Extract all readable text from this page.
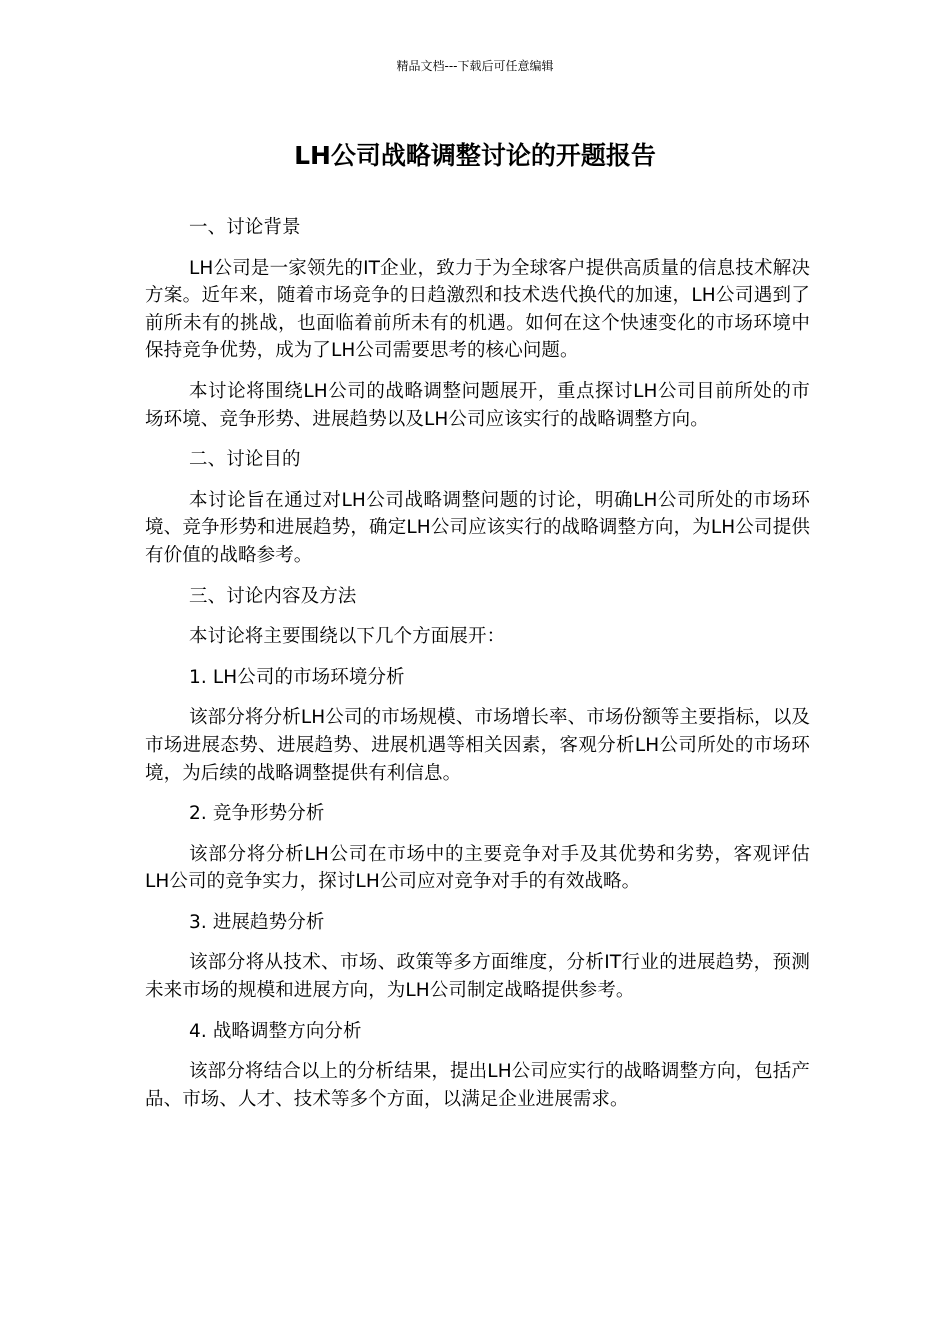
精品文档---下载后可任意编辑
LH公司战略调整讨论的开题报告

一、讨论背景

LH公司是一家领先的IT企业，致力于为全球客户提供高质量的信息技术解决方案。近年来，随着市场竞争的日趋激烈和技术迭代换代的加速，LH公司遇到了前所未有的挑战，也面临着前所未有的机遇。如何在这个快速变化的市场环境中保持竞争优势，成为了LH公司需要思考的核心问题。

本讨论将围绕LH公司的战略调整问题展开，重点探讨LH公司目前所处的市场环境、竞争形势、进展趋势以及LH公司应该实行的战略调整方向。

二、讨论目的

本讨论旨在通过对LH公司战略调整问题的讨论，明确LH公司所处的市场环境、竞争形势和进展趋势，确定LH公司应该实行的战略调整方向，为LH公司提供有价值的战略参考。

三、讨论内容及方法

本讨论将主要围绕以下几个方面展开：

1. LH公司的市场环境分析

该部分将分析LH公司的市场规模、市场增长率、市场份额等主要指标，以及市场进展态势、进展趋势、进展机遇等相关因素，客观分析LH公司所处的市场环境，为后续的战略调整提供有利信息。

2. 竞争形势分析

该部分将分析LH公司在市场中的主要竞争对手及其优势和劣势，客观评估LH公司的竞争实力，探讨LH公司应对竞争对手的有效战略。

3. 进展趋势分析

该部分将从技术、市场、政策等多方面维度，分析IT行业的进展趋势，预测未来市场的规模和进展方向，为LH公司制定战略提供参考。

4. 战略调整方向分析

该部分将结合以上的分析结果，提出LH公司应实行的战略调整方向，包括产品、市场、人才、技术等多个方面，以满足企业进展需求。
